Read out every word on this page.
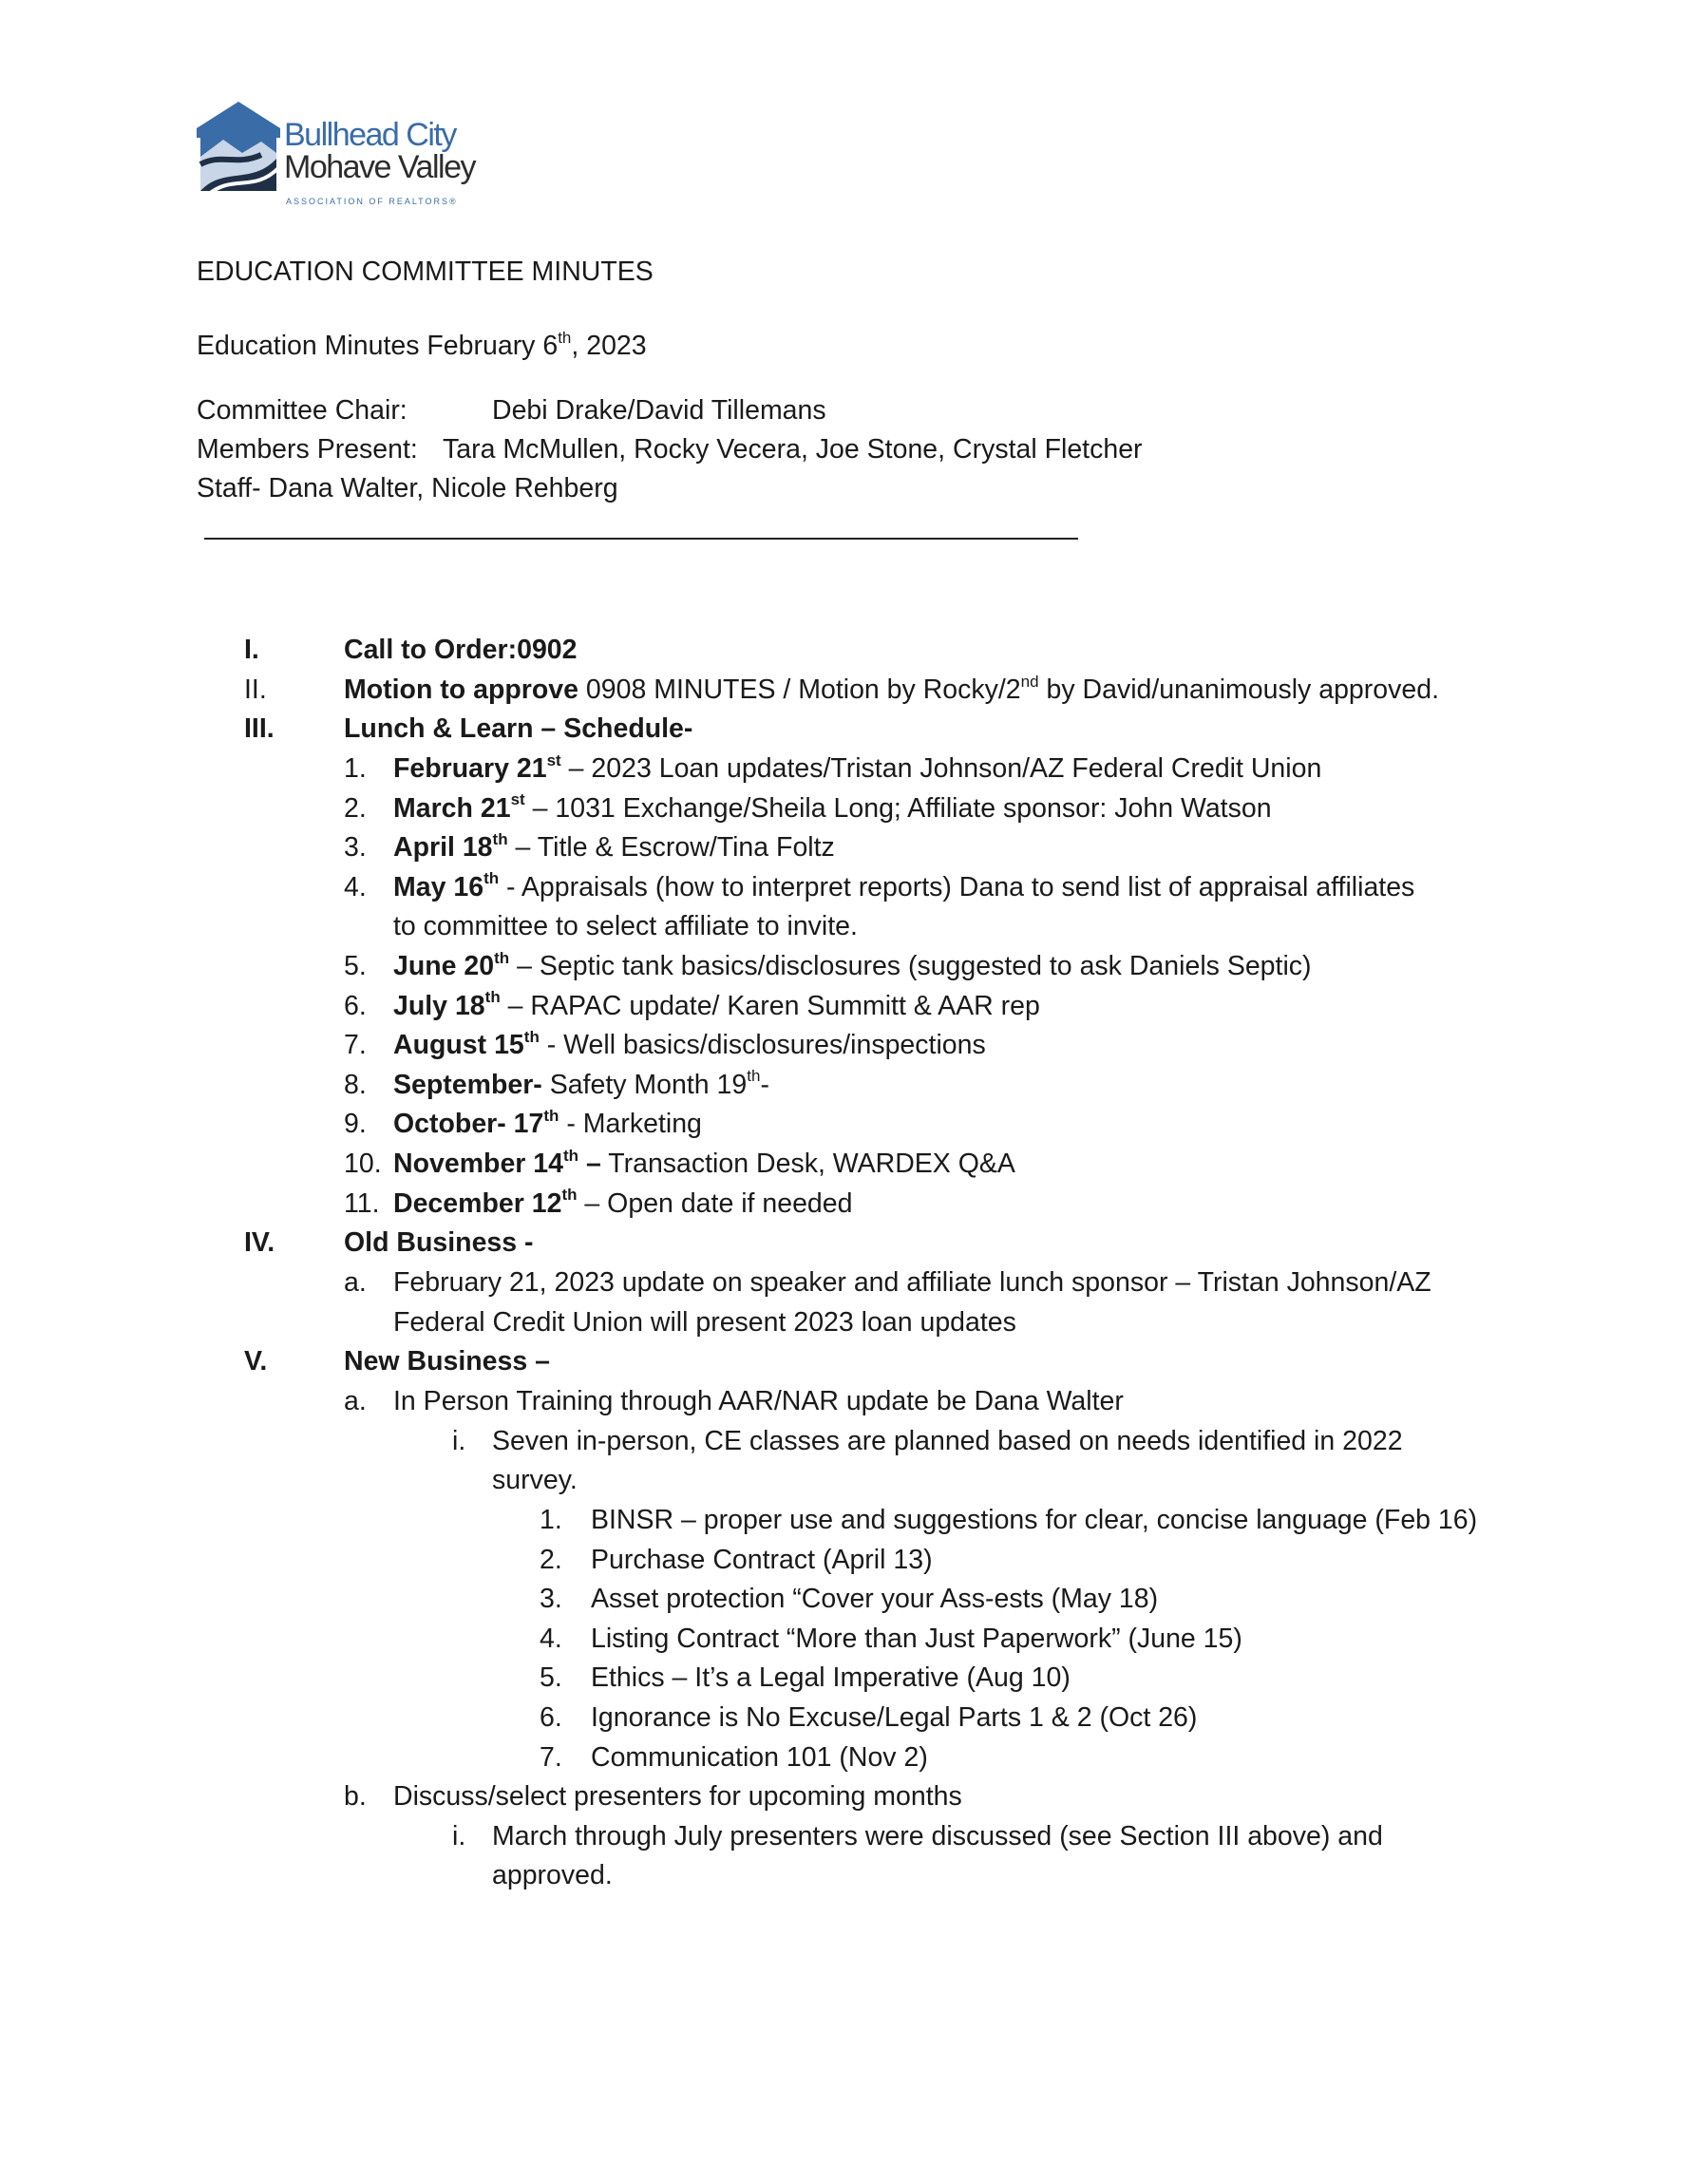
Bullhead City
Mohave Valley
ASSOCIATION OF REALTORS®
EDUCATION COMMITTEE MINUTES
Education Minutes February 6th, 2023
Committee Chair:	Debi Drake/David Tillemans
Members Present: Tara McMullen, Rocky Vecera, Joe Stone, Crystal Fletcher
Staff- Dana Walter, Nicole Rehberg
I.	Call to Order:0902
II.	Motion to approve 0908 MINUTES / Motion by Rocky/2nd by David/unanimously approved.
III.	Lunch & Learn – Schedule-
1. February 21st – 2023 Loan updates/Tristan Johnson/AZ Federal Credit Union
2. March 21st – 1031 Exchange/Sheila Long; Affiliate sponsor: John Watson
3. April 18th – Title & Escrow/Tina Foltz
4. May 16th - Appraisals (how to interpret reports) Dana to send list of appraisal affiliates
to committee to select affiliate to invite.
5. June 20th – Septic tank basics/disclosures (suggested to ask Daniels Septic)
6. July 18th – RAPAC update/ Karen Summitt & AAR rep
7. August 15th - Well basics/disclosures/inspections
8. September- Safety Month 19th-
9. October- 17th - Marketing
10. November 14th – Transaction Desk, WARDEX Q&A
11. December 12th – Open date if needed
IV.	Old Business -
a. February 21, 2023 update on speaker and affiliate lunch sponsor – Tristan Johnson/AZ
Federal Credit Union will present 2023 loan updates
V.	New Business –
a. In Person Training through AAR/NAR update be Dana Walter
i. Seven in-person, CE classes are planned based on needs identified in 2022
survey.
1. BINSR – proper use and suggestions for clear, concise language (Feb 16)
2. Purchase Contract (April 13)
3. Asset protection “Cover your Ass-ests (May 18)
4. Listing Contract “More than Just Paperwork” (June 15)
5. Ethics – It’s a Legal Imperative (Aug 10)
6. Ignorance is No Excuse/Legal Parts 1 & 2 (Oct 26)
7. Communication 101 (Nov 2)
b. Discuss/select presenters for upcoming months
i. March through July presenters were discussed (see Section III above) and
approved.
